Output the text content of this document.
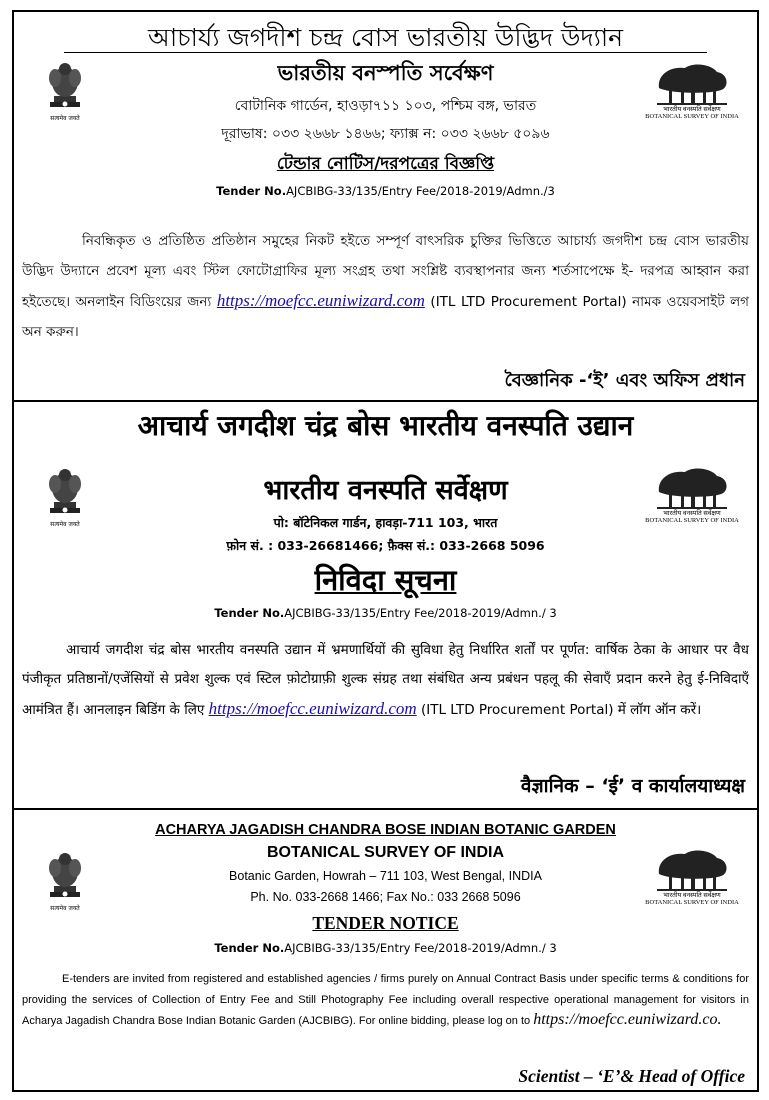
আচার্য্য জগদীশ চন্দ্র বোস ভারতীয় উদ্ভিদ উদ্যান
सत्यमेव जयते
भारतीय वनस्पति सर्वेक्षण
BOTANICAL SURVEY OF INDIA
ভারতীয় বনস্পতি সর্বেক্ষণ
বোটানিক গার্ডেন, হাওড়া৭১১ ১০৩, পশ্চিম বঙ্গ, ভারত
দূরাভাষ: ০৩৩ ২৬৬৮ ১৪৬৬; ফ্যাক্স ন: ০৩৩ ২৬৬৮ ৫০৯৬
টেন্ডার নোটিস/দরপত্রের বিজ্ঞপ্তি
Tender No.AJCBIBG-33/135/Entry Fee/2018-2019/Admn./3
নিবন্ধিকৃত ও প্রতিষ্ঠিত প্রতিষ্ঠান সমুহের নিকট হইতে সম্পূর্ণ বাৎসরিক চুক্তির ভিত্তিতে আচার্য্য জগদীশ চন্দ্র বোস ভারতীয় উদ্ভিদ উদ্যানে প্রবেশ মূল্য এবং স্টিল ফোটোগ্রাফির মূল্য সংগ্রহ তথা সংশ্লিষ্ট ব্যবস্থাপনার জন্য শর্তসাপেক্ষে ই- দরপত্র আহ্বান করা হইতেছে। অনলাইন বিডিংয়ের জন্য https://moefcc.euniwizard.com (ITL LTD Procurement Portal) নামক ওয়েবসাইট লগ অন করুন।
বৈজ্ঞানিক -‘ই’ এবং অফিস প্রধান
आचार्य जगदीश चंद्र बोस भारतीय वनस्पति उद्यान
सत्यमेव जयते
भारतीय वनस्पति सर्वेक्षण
BOTANICAL SURVEY OF INDIA
भारतीय वनस्पति सर्वेक्षण
पो: बॉटेनिकल गार्डन, हावड़ा-711 103, भारत
फ़ोन सं. : 033-26681466; फ़ैक्स सं.: 033-2668 5096
निविदा सूचना
Tender No.AJCBIBG-33/135/Entry Fee/2018-2019/Admn./ 3
आचार्य जगदीश चंद्र बोस भारतीय वनस्पति उद्यान में भ्रमणार्थियों की सुविधा हेतु निर्धारित शर्तों पर पूर्णत: वार्षिक ठेका के आधार पर वैध पंजीकृत प्रतिष्ठानों/एजेंसियों से प्रवेश शुल्क एवं स्टिल फ़ोटोग्राफ़ी शुल्क संग्रह तथा संबंधित अन्य प्रबंधन पहलू की सेवाएँ प्रदान करने हेतु ई-निविदाएँ आमंत्रित हैं। आनलाइन बिडिंग के लिए https://moefcc.euniwizard.com (ITL LTD Procurement Portal) में लॉग ऑन करें।
वैज्ञानिक – ‘ई’ व कार्यालयाध्यक्ष
ACHARYA JAGADISH CHANDRA BOSE INDIAN BOTANIC GARDEN
सत्यमेव जयते
भारतीय वनस्पति सर्वेक्षण
BOTANICAL SURVEY OF INDIA
BOTANICAL SURVEY OF INDIA
Botanic Garden, Howrah – 711 103, West Bengal, INDIA
Ph. No. 033-2668 1466; Fax No.: 033 2668 5096
TENDER NOTICE
Tender No.AJCBIBG-33/135/Entry Fee/2018-2019/Admn./ 3
E-tenders are invited from registered and established agencies / firms purely on Annual Contract Basis under specific terms & conditions for providing the services of Collection of Entry Fee and Still Photography Fee including overall respective operational management for visitors in Acharya Jagadish Chandra Bose Indian Botanic Garden (AJCBIBG). For online bidding, please log on to https://moefcc.euniwizard.co.
Scientist – ‘E’& Head of Office
